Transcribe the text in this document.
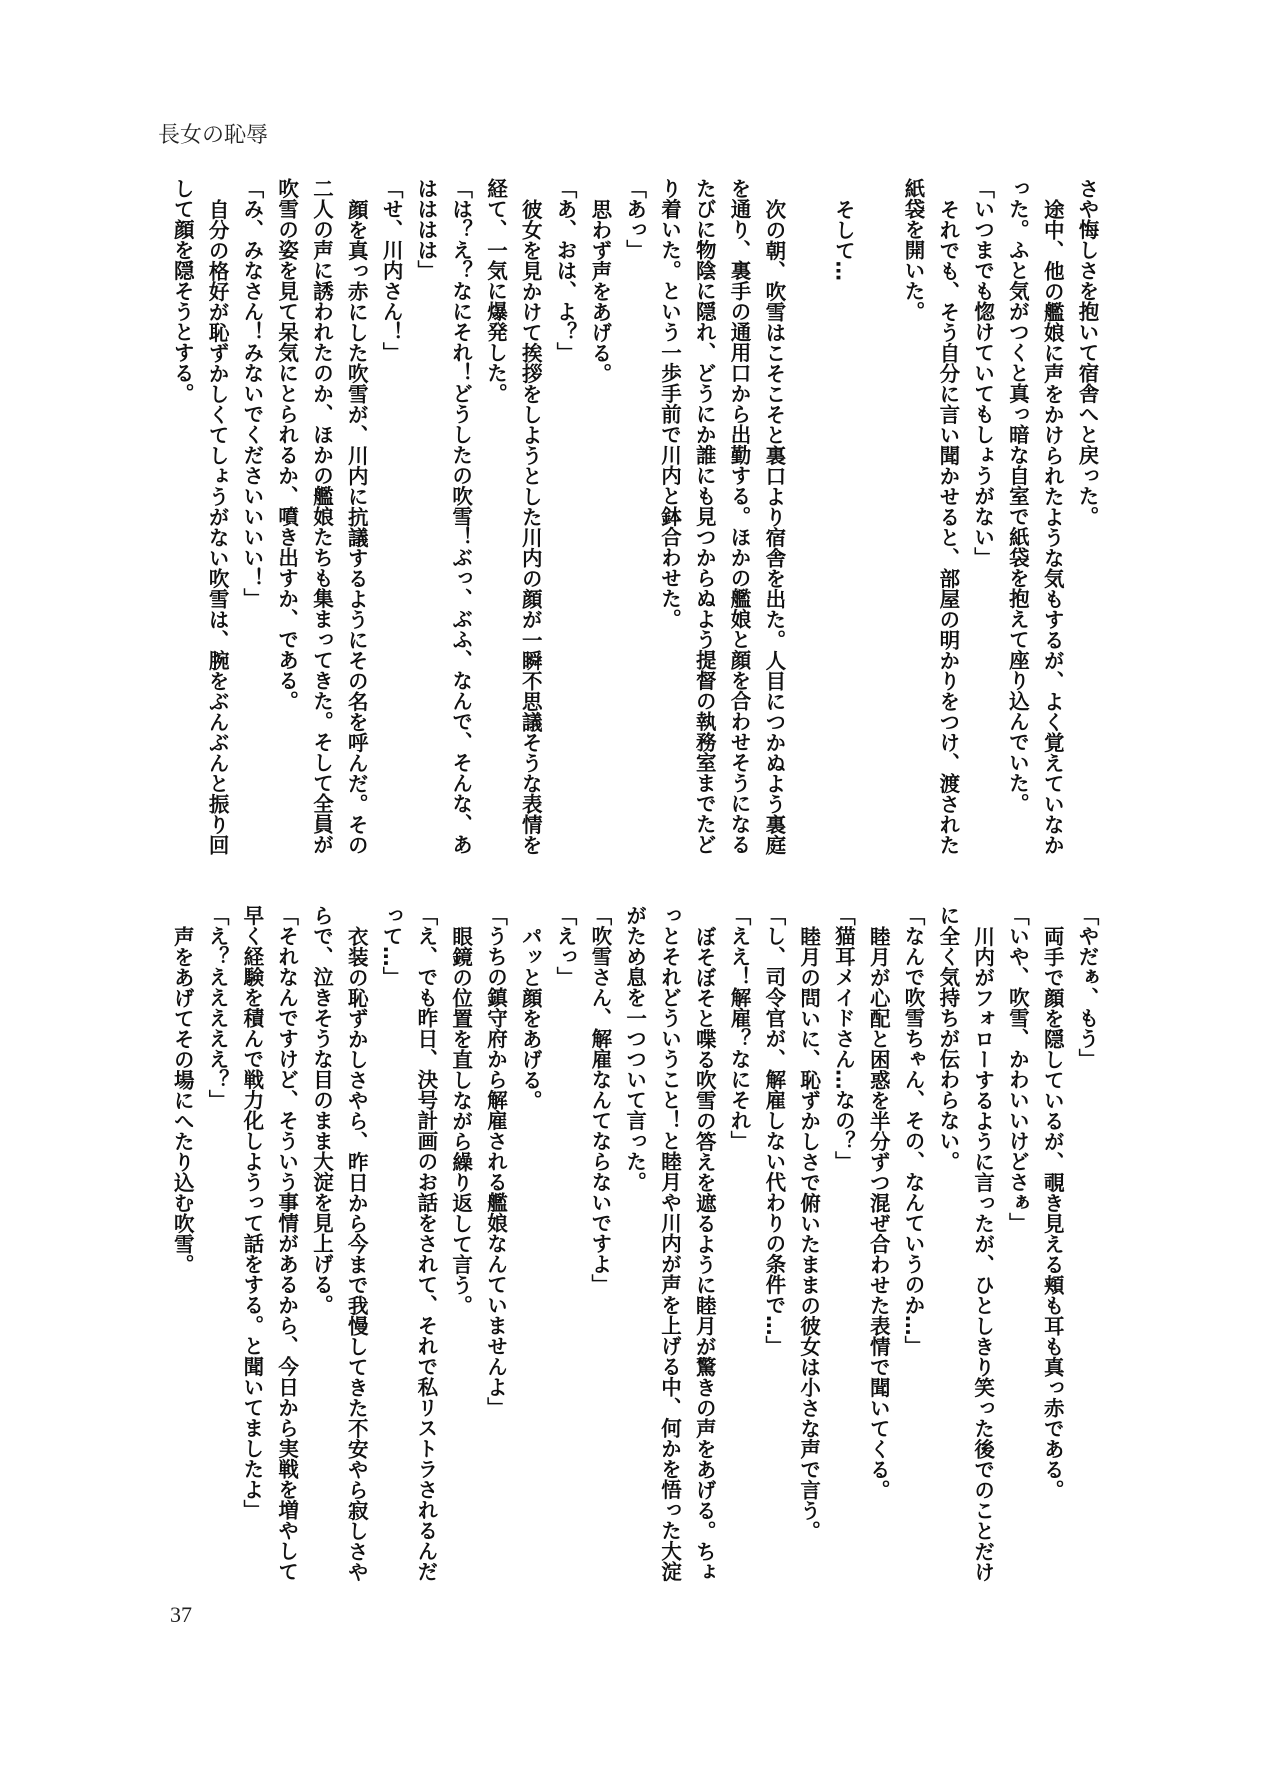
長女の恥辱
さや悔しさを抱いて宿舎へと戻った。
途中、他の艦娘に声をかけられたような気もするが、よく覚えていなか
った。ふと気がつくと真っ暗な自室で紙袋を抱えて座り込んでいた。
「いつまでも惚けていてもしょうがない」
それでも、そう自分に言い聞かせると、部屋の明かりをつけ、渡された
紙袋を開いた。

そして…

次の朝、吹雪はこそこそと裏口より宿舎を出た。人目につかぬよう裏庭
を通り、裏手の通用口から出勤する。ほかの艦娘と顔を合わせそうになる
たびに物陰に隠れ、どうにか誰にも見つからぬよう提督の執務室までたど
り着いた。という一歩手前で川内と鉢合わせた。
「あっ」
思わず声をあげる。
「あ、おは、よ？」
彼女を見かけて挨拶をしようとした川内の顔が一瞬不思議そうな表情を
経て、一気に爆発した。
「は？え？なにそれ！どうしたの吹雪！ぶっ、ぶふ、なんで、そんな、あ
はははは」
「せ、川内さん！」
顔を真っ赤にした吹雪が、川内に抗議するようにその名を呼んだ。その
二人の声に誘われたのか、ほかの艦娘たちも集まってきた。そして全員が
吹雪の姿を見て呆気にとられるか、噴き出すか、である。
「み、みなさん！みないでくださいいいい！」
自分の格好が恥ずかしくてしょうがない吹雪は、腕をぶんぶんと振り回
して顔を隠そうとする。
「やだぁ、もう」
両手で顔を隠しているが、覗き見える頬も耳も真っ赤である。
「いや、吹雪、かわいいけどさぁ」
川内がフォローするように言ったが、ひとしきり笑った後でのことだけ
に全く気持ちが伝わらない。
「なんで吹雪ちゃん、その、なんていうのか…」
睦月が心配と困惑を半分ずつ混ぜ合わせた表情で聞いてくる。
「猫耳メイドさん…なの？」
睦月の問いに、恥ずかしさで俯いたままの彼女は小さな声で言う。
「し、司令官が、解雇しない代わりの条件で…」
「ええ！解雇？なにそれ」
ぼそぼそと喋る吹雪の答えを遮るように睦月が驚きの声をあげる。ちょ
っとそれどういうこと！と睦月や川内が声を上げる中、何かを悟った大淀
がため息を一つついて言った。
「吹雪さん、解雇なんてならないですよ」
「えっ」
パッと顔をあげる。
「うちの鎮守府から解雇される艦娘なんていませんよ」
眼鏡の位置を直しながら繰り返して言う。
「え、でも昨日、決号計画のお話をされて、それで私リストラされるんだ
って…」
衣装の恥ずかしさやら、昨日から今まで我慢してきた不安やら寂しさや
らで、泣きそうな目のまま大淀を見上げる。
「それなんですけど、そういう事情があるから、今日から実戦を増やして
早く経験を積んで戦力化しようって話をする。と聞いてましたよ」
「え？えええええ？」
声をあげてその場にへたり込む吹雪。
37
